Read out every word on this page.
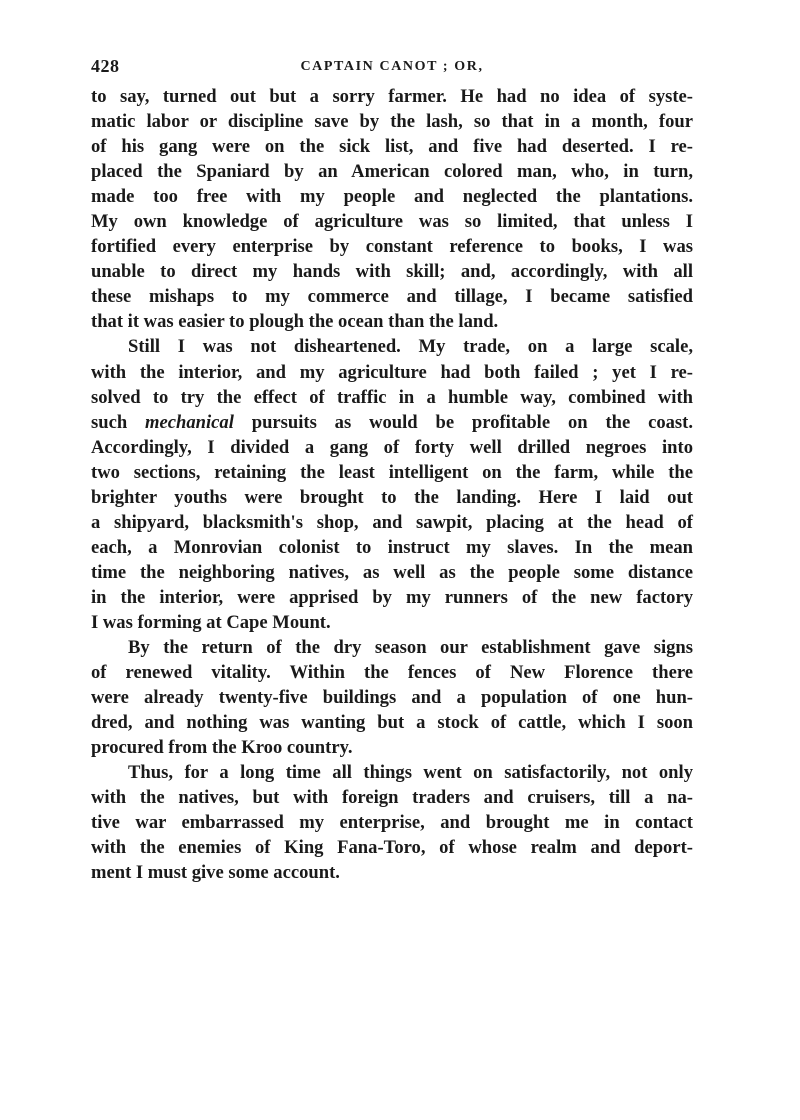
428	CAPTAIN CANOT ; OR,
to say, turned out but a sorry farmer. He had no idea of syste-
matic labor or discipline save by the lash, so that in a month, four
of his gang were on the sick list, and five had deserted. I re-
placed the Spaniard by an American colored man, who, in turn,
made too free with my people and neglected the plantations.
My own knowledge of agriculture was so limited, that unless I
fortified every enterprise by constant reference to books, I was
unable to direct my hands with skill; and, accordingly, with all
these mishaps to my commerce and tillage, I became satisfied
that it was easier to plough the ocean than the land.
Still I was not disheartened. My trade, on a large scale,
with the interior, and my agriculture had both failed ; yet I re-
solved to try the effect of traffic in a humble way, combined with
such mechanical pursuits as would be profitable on the coast.
Accordingly, I divided a gang of forty well drilled negroes into
two sections, retaining the least intelligent on the farm, while the
brighter youths were brought to the landing. Here I laid out
a shipyard, blacksmith's shop, and sawpit, placing at the head of
each, a Monrovian colonist to instruct my slaves. In the mean
time the neighboring natives, as well as the people some distance
in the interior, were apprised by my runners of the new factory
I was forming at Cape Mount.
By the return of the dry season our establishment gave signs
of renewed vitality. Within the fences of New Florence there
were already twenty-five buildings and a population of one hun-
dred, and nothing was wanting but a stock of cattle, which I soon
procured from the Kroo country.
Thus, for a long time all things went on satisfactorily, not only
with the natives, but with foreign traders and cruisers, till a na-
tive war embarrassed my enterprise, and brought me in contact
with the enemies of King Fana-Toro, of whose realm and deport-
ment I must give some account.
